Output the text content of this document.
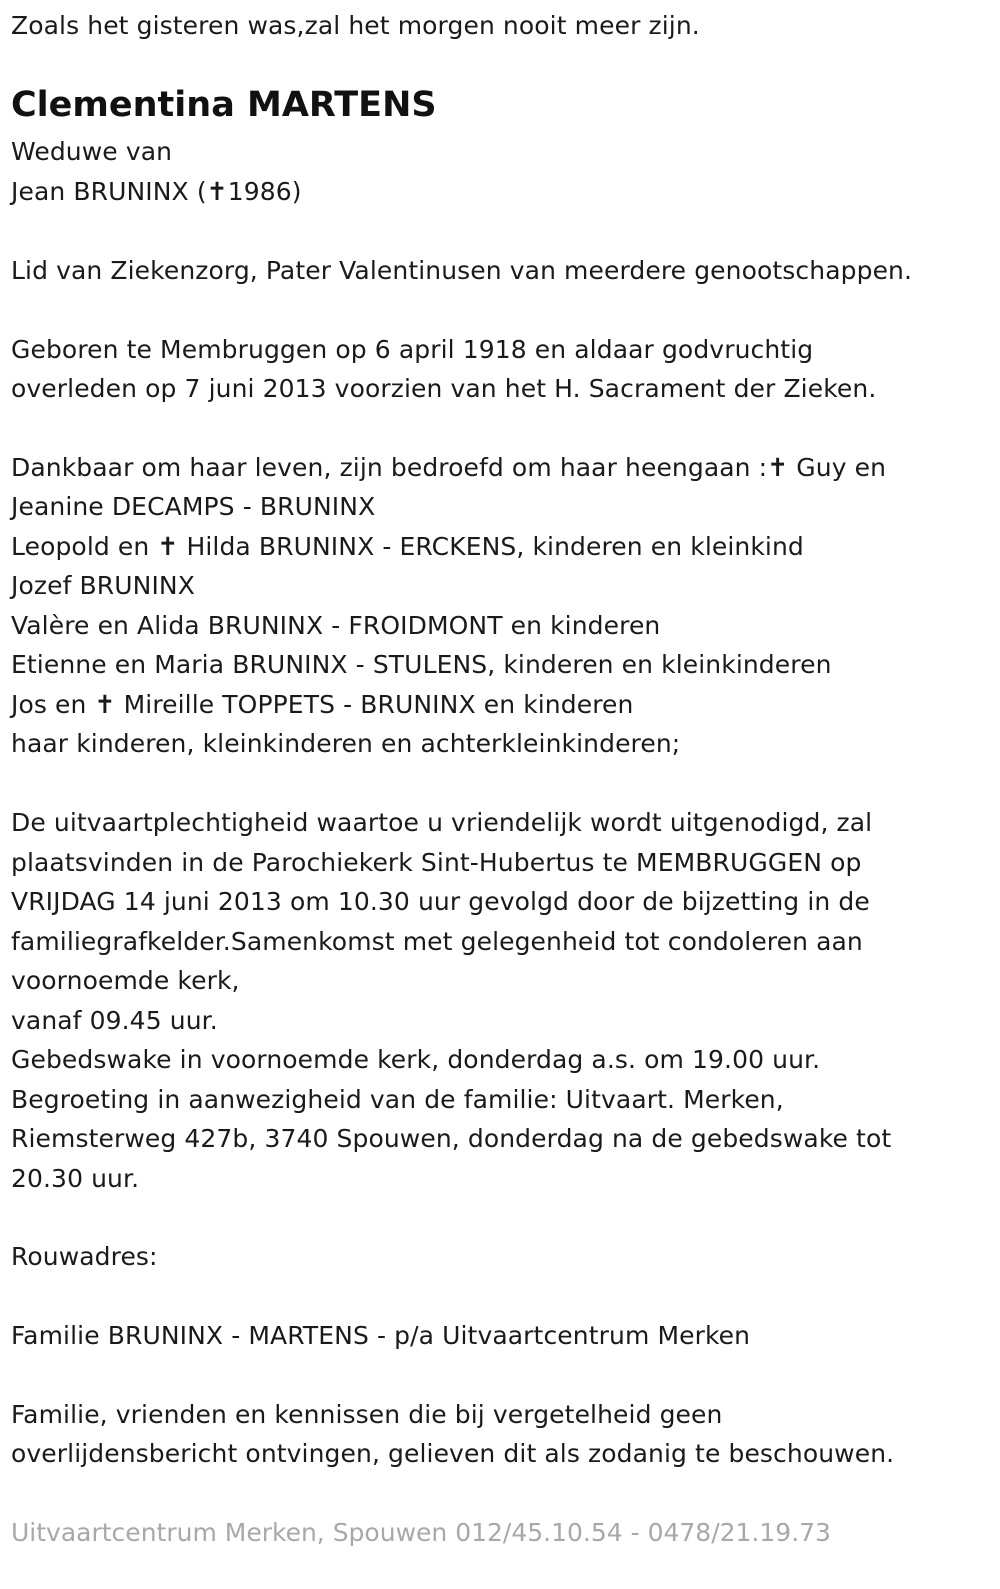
Zoals het gisteren was,zal het morgen nooit meer zijn.
Clementina MARTENS
Weduwe van
Jean BRUNINX (✝1986)
Lid van Ziekenzorg, Pater Valentinusen van meerdere genootschappen.
Geboren te Membruggen op 6 april 1918 en aldaar godvruchtig
overleden op 7 juni 2013 voorzien van het H. Sacrament der Zieken.
Dankbaar om haar leven, zijn bedroefd om haar heengaan :✝ Guy en
Jeanine DECAMPS - BRUNINX
Leopold en ✝ Hilda BRUNINX - ERCKENS, kinderen en kleinkind
Jozef BRUNINX
Valère en Alida BRUNINX - FROIDMONT en kinderen
Etienne en Maria BRUNINX - STULENS, kinderen en kleinkinderen
Jos en ✝ Mireille TOPPETS - BRUNINX en kinderen
haar kinderen, kleinkinderen en achterkleinkinderen;
De uitvaartplechtigheid waartoe u vriendelijk wordt uitgenodigd, zal
plaatsvinden in de Parochiekerk Sint-Hubertus te MEMBRUGGEN op
VRIJDAG 14 juni 2013 om 10.30 uur gevolgd door de bijzetting in de
familiegrafkelder.Samenkomst met gelegenheid tot condoleren aan
voornoemde kerk,
vanaf 09.45 uur.
Gebedswake in voornoemde kerk, donderdag a.s. om 19.00 uur.
Begroeting in aanwezigheid van de familie: Uitvaart. Merken,
Riemsterweg 427b, 3740 Spouwen, donderdag na de gebedswake tot
20.30 uur.
Rouwadres:
Familie BRUNINX - MARTENS - p/a Uitvaartcentrum Merken
Familie, vrienden en kennissen die bij vergetelheid geen
overlijdensbericht ontvingen, gelieven dit als zodanig te beschouwen.
Uitvaartcentrum Merken, Spouwen 012/45.10.54 - 0478/21.19.73
